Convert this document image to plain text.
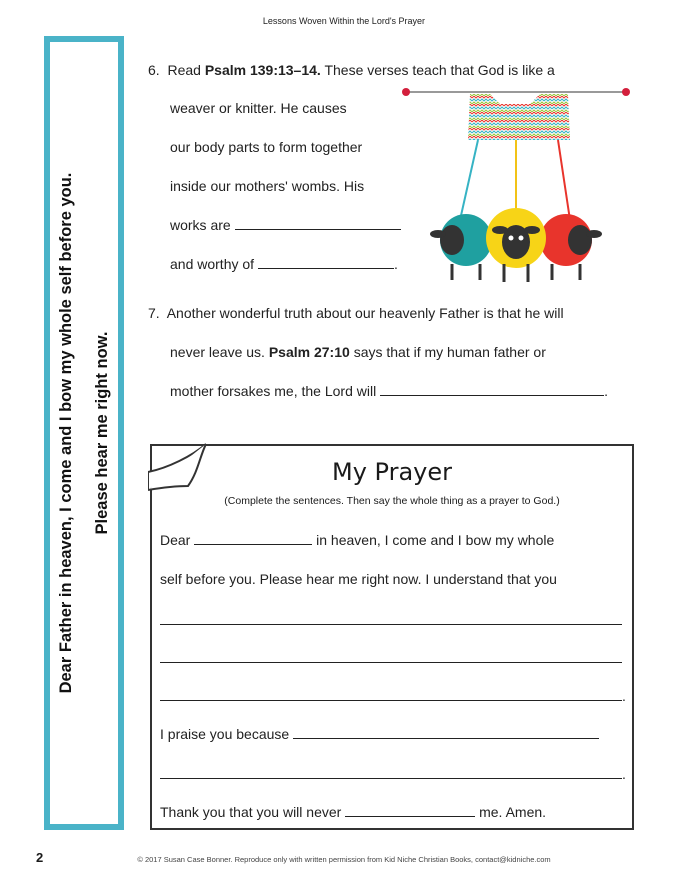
Lessons Woven Within the Lord's Prayer
Dear Father in heaven, I come and I bow my whole self before you.	Please hear me right now.
6. Read Psalm 139:13–14. These verses teach that God is like a
weaver or knitter. He causes
our body parts to form together
inside our mothers' wombs. His
works are
and worthy of	.
7. Another wonderful truth about our heavenly Father is that he will
never leave us. Psalm 27:10 says that if my human father or
mother forsakes me, the Lord will	.
My Prayer
(Complete the sentences. Then say the whole thing as a prayer to God.)
Dear	in heaven, I come and I bow my whole
self before you. Please hear me right now. I understand that you
.
I praise you because
.
Thank you that you will never	me. Amen.
2	© 2017 Susan Case Bonner. Reproduce only with written permission from Kid Niche Christian Books, contact@kidniche.com
